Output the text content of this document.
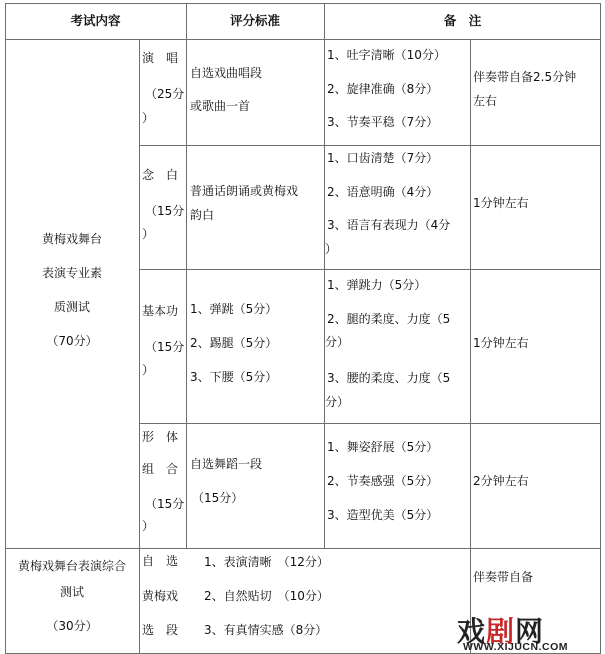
考试内容	评分标准	备　注
黄梅戏舞台
表演专业素
质测试
（70分）
演　唱
（25分
）
自选戏曲唱段
或歌曲一首
1、吐字清晰（10分）
2、旋律准确（8分）
3、节奏平稳（7分）
伴奏带自备2.5分钟
左右
念　白
（15分
）
普通话朗诵或黄梅戏
韵白
1、口齿清楚（7分）
2、语意明确（4分）
3、语言有表现力（4分
）
1分钟左右
基本功
（15分
）
1、弹跳（5分）
2、踢腿（5分）
3、下腰（5分）
1、弹跳力（5分）
2、腿的柔度、力度（5
分）
3、腰的柔度、力度（5
分）
1分钟左右
形　体
组　合
（15分
）
自选舞蹈一段
（15分）
1、舞姿舒展（5分）
2、节奏感强（5分）
3、造型优美（5分）
2分钟左右
黄梅戏舞台表演综合
测试
（30分）
自　选
黄梅戏
选　段
1、表演清晰　（12分）
2、自然贴切　（10分）
3、有真情实感（8分）
伴奏带自备
戏剧网
WWW.XIJUCN.COM
